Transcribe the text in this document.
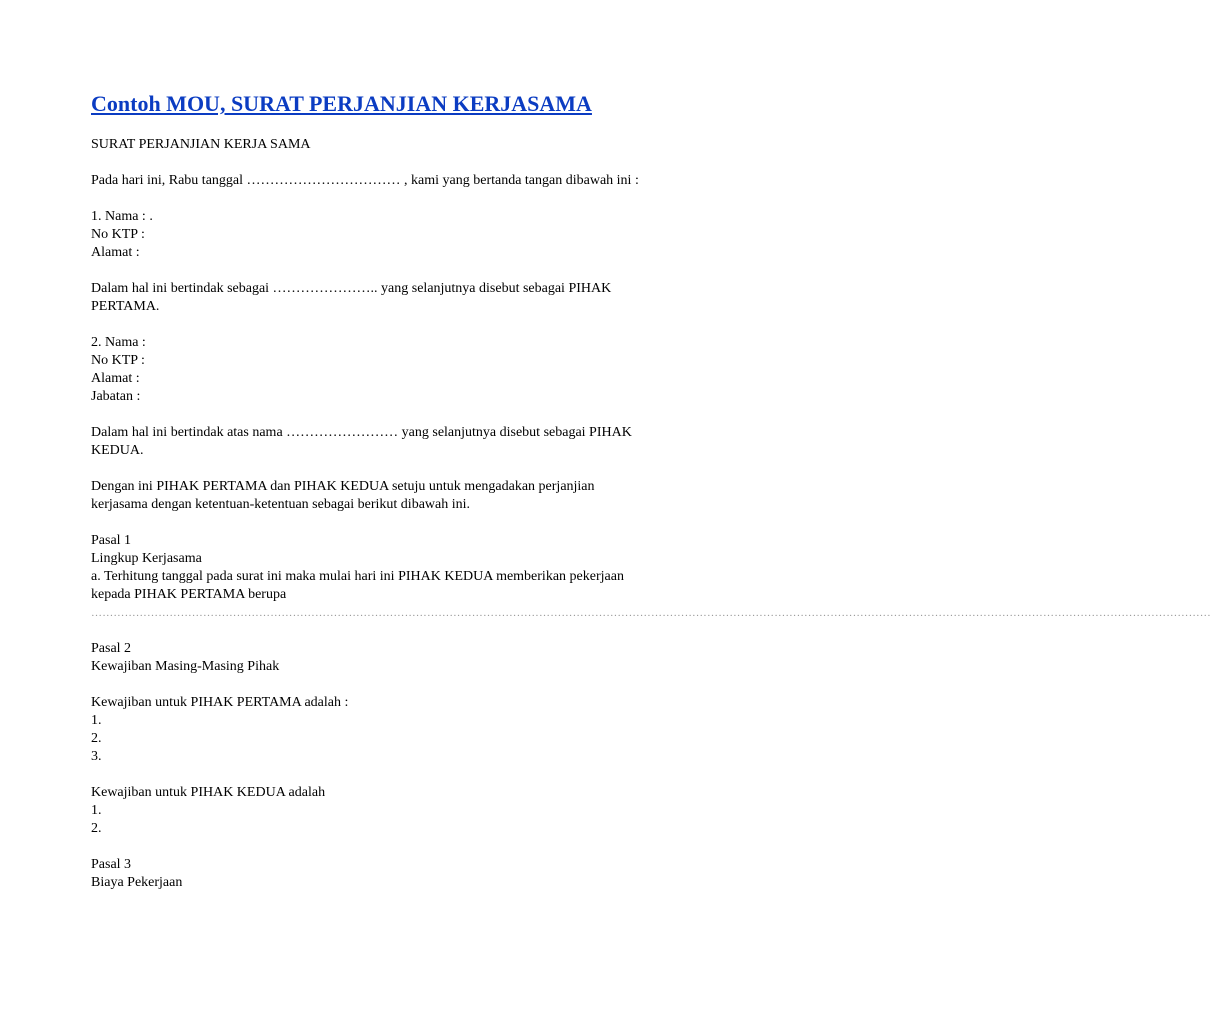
Contoh MOU, SURAT PERJANJIAN KERJASAMA
SURAT PERJANJIAN KERJA SAMA
Pada hari ini, Rabu tanggal …………………………… , kami yang bertanda tangan dibawah ini :
1. Nama : .
No KTP :
Alamat :
Dalam hal ini bertindak sebagai ………………….. yang selanjutnya disebut sebagai PIHAK
PERTAMA.
2. Nama :
No KTP :
Alamat :
Jabatan :
Dalam hal ini bertindak atas nama …………………… yang selanjutnya disebut sebagai PIHAK
KEDUA.
Dengan ini PIHAK PERTAMA dan PIHAK KEDUA setuju untuk mengadakan perjanjian
kerjasama dengan ketentuan-ketentuan sebagai berikut dibawah ini.
Pasal 1
Lingkup Kerjasama
a. Terhitung tanggal pada surat ini maka mulai hari ini PIHAK KEDUA memberikan pekerjaan
kepada PIHAK PERTAMA berupa
…………………………………………………………………………………………………………………………………………………………………………………………………………………………………………………………………………
Pasal 2
Kewajiban Masing-Masing Pihak
Kewajiban untuk PIHAK PERTAMA adalah :
1.
2.
3.
Kewajiban untuk PIHAK KEDUA adalah
1.
2.
Pasal 3
Biaya Pekerjaan
